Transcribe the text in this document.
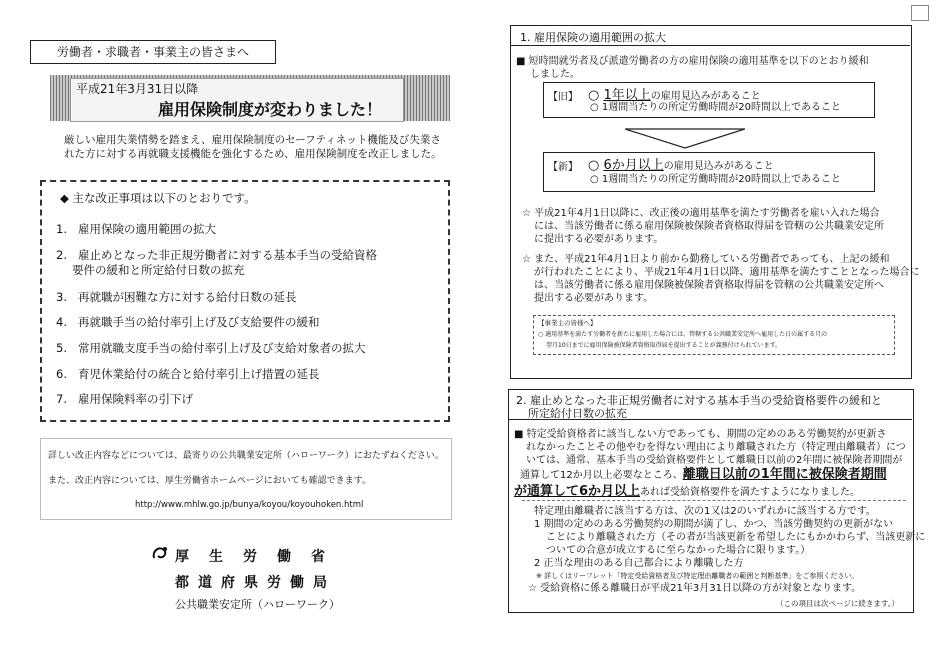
労働者・求職者・事業主の皆さまへ
平成21年3月31日以降
雇用保険制度が変わりました！
厳しい雇用失業情勢を踏まえ、雇用保険制度のセーフティネット機能及び失業された方に対する再就職支援機能を強化するため、雇用保険制度を改正しました。
◆ 主な改正事項は以下のとおりです。
1. 雇用保険の適用範囲の拡大
2. 雇止めとなった非正規労働者に対する基本手当の受給資格
要件の緩和と所定給付日数の拡充
3. 再就職が困難な方に対する給付日数の延長
4. 再就職手当の給付率引上げ及び支給要件の緩和
5. 常用就職支度手当の給付率引上げ及び支給対象者の拡大
6. 育児休業給付の統合と給付率引上げ措置の延長
7. 雇用保険料率の引下げ
詳しい改正内容などについては、最寄りの公共職業安定所（ハローワーク）におたずねください。
また、改正内容については、厚生労働省ホームページにおいても確認できます。
http://www.mhlw.go.jp/bunya/koyou/koyouhoken.html
厚生労働省
都道府県労働局
公共職業安定所（ハローワーク）
1. 雇用保険の適用範囲の拡大
■ 短時間就労者及び派遣労働者の方の雇用保険の適用基準を以下のとおり緩和
しました。
【旧】 ○ 1年以上の雇用見込みがあること
○ 1週間当たりの所定労働時間が20時間以上であること
【新】 ○ 6か月以上の雇用見込みがあること
○ 1週間当たりの所定労働時間が20時間以上であること
☆ 平成21年4月1日以降に、改正後の適用基準を満たす労働者を雇い入れた場合
には、当該労働者に係る雇用保険被保険者資格取得届を管轄の公共職業安定所
に提出する必要があります。
☆ また、平成21年4月1日より前から勤務している労働者であっても、上記の緩和
が行われたことにより、平成21年4月1日以降、適用基準を満たすこととなった場合に
は、当該労働者に係る雇用保険被保険者資格取得届を管轄の公共職業安定所へ
提出する必要があります。
【事業主の皆様へ】
○ 適用基準を満たす労働者を新たに雇用した場合には、管轄する公共職業安定所へ雇用した日の属する月の
翌月10日までに雇用保険被保険者資格取得届を提出することが義務付けられています。
2. 雇止めとなった非正規労働者に対する基本手当の受給資格要件の緩和と
所定給付日数の拡充
■ 特定受給資格者に該当しない方であっても、期間の定めのある労働契約が更新さ
れなかったことその他やむを得ない理由により離職された方（特定理由離職者）につ
いては、通常、基本手当の受給資格要件として離職日以前の2年間に被保険者期間が
通算して12か月以上必要なところ、離職日以前の1年間に被保険者期間
が通算して6か月以上あれば受給資格要件を満たすようになりました。
特定理由離職者に該当する方は、次の1又は2のいずれかに該当する方です。
1 期間の定めのある労働契約の期間が満了し、かつ、当該労働契約の更新がない
ことにより離職された方（その者が当該更新を希望したにもかかわらず、当該更新に
ついての合意が成立するに至らなかった場合に限ります。）
2 正当な理由のある自己都合により離職した方
※ 詳しくはリーフレット「特定受給資格者及び特定理由離職者の範囲と判断基準」をご参照ください。
☆ 受給資格に係る離職日が平成21年3月31日以降の方が対象となります。
（この項目は次ページに続きます。）
